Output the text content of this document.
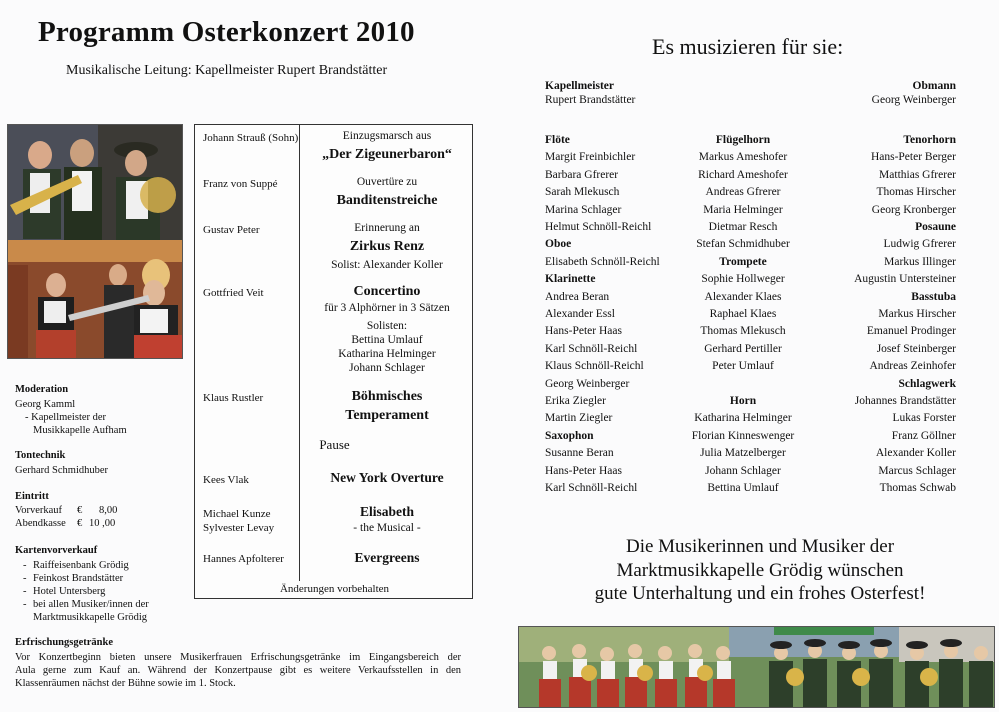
Programm Osterkonzert 2010
Musikalische Leitung: Kapellmeister Rupert Brandstätter
Es musizieren für sie:
Johann Strauß (Sohn)	Einzugsmarsch aus
„Der Zigeunerbaron“
Franz von Suppé	Ouvertüre zu
Banditenstreiche
Gustav Peter	Erinnerung an
Zirkus Renz
Solist: Alexander Koller
Gottfried Veit	Concertino
für 3 Alphörner in 3 Sätzen
Solisten:
Bettina Umlauf
Katharina Helminger
Johann Schlager
Klaus Rustler	Böhmisches
Temperament
Pause
Kees Vlak	New York Overture
Michael Kunze
Sylvester Levay
Elisabeth
- the Musical -
Hannes Apfolterer	Evergreens
Änderungen vorbehalten
Moderation
Georg Kamml
- Kapellmeister der
Musikkapelle Aufham
Tontechnik
Gerhard Schmidhuber
Eintritt
Vorverkauf € 8,00
Abendkasse € 10 ,00
Kartenvorverkauf
- Raiffeisenbank Grödig
- Feinkost Brandstätter
- Hotel Untersberg
- bei allen Musiker/innen der
Marktmusikkapelle Grödig
Erfrischungsgetränke
Vor Konzertbeginn bieten unsere Musikerfrauen Erfrischungsgetränke im Eingangsbereich der
Aula gerne zum Kauf an. Während der Konzertpause gibt es weitere Verkaufsstellen in den
Klassenräumen nächst der Bühne sowie im 1. Stock.
Kapellmeister
Rupert Brandstätter
Obmann
Georg Weinberger
Flöte
Margit Freinbichler
Barbara Gfrerer
Sarah Mlekusch
Marina Schlager
Helmut Schnöll-Reichl
Oboe
Elisabeth Schnöll-Reichl
Klarinette
Andrea Beran
Alexander Essl
Hans-Peter Haas
Karl Schnöll-Reichl
Klaus Schnöll-Reichl
Georg Weinberger
Erika Ziegler
Martin Ziegler
Saxophon
Susanne Beran
Hans-Peter Haas
Karl Schnöll-Reichl
Flügelhorn
Markus Ameshofer
Richard Ameshofer
Andreas Gfrerer
Maria Helminger
Dietmar Resch
Stefan Schmidhuber
Trompete
Sophie Hollweger
Alexander Klaes
Raphael Klaes
Thomas Mlekusch
Gerhard Pertiller
Peter Umlauf
Horn
Katharina Helminger
Florian Kinneswenger
Julia Matzelberger
Johann Schlager
Bettina Umlauf
Tenorhorn
Hans-Peter Berger
Matthias Gfrerer
Thomas Hirscher
Georg Kronberger
Posaune
Ludwig Gfrerer
Markus Illinger
Augustin Untersteiner
Basstuba
Markus Hirscher
Emanuel Prodinger
Josef Steinberger
Andreas Zeinhofer
Schlagwerk
Johannes Brandstätter
Lukas Forster
Franz Göllner
Alexander Koller
Marcus Schlager
Thomas Schwab
Die Musikerinnen und Musiker der
Marktmusikkapelle Grödig wünschen
gute Unterhaltung und ein frohes Osterfest!
